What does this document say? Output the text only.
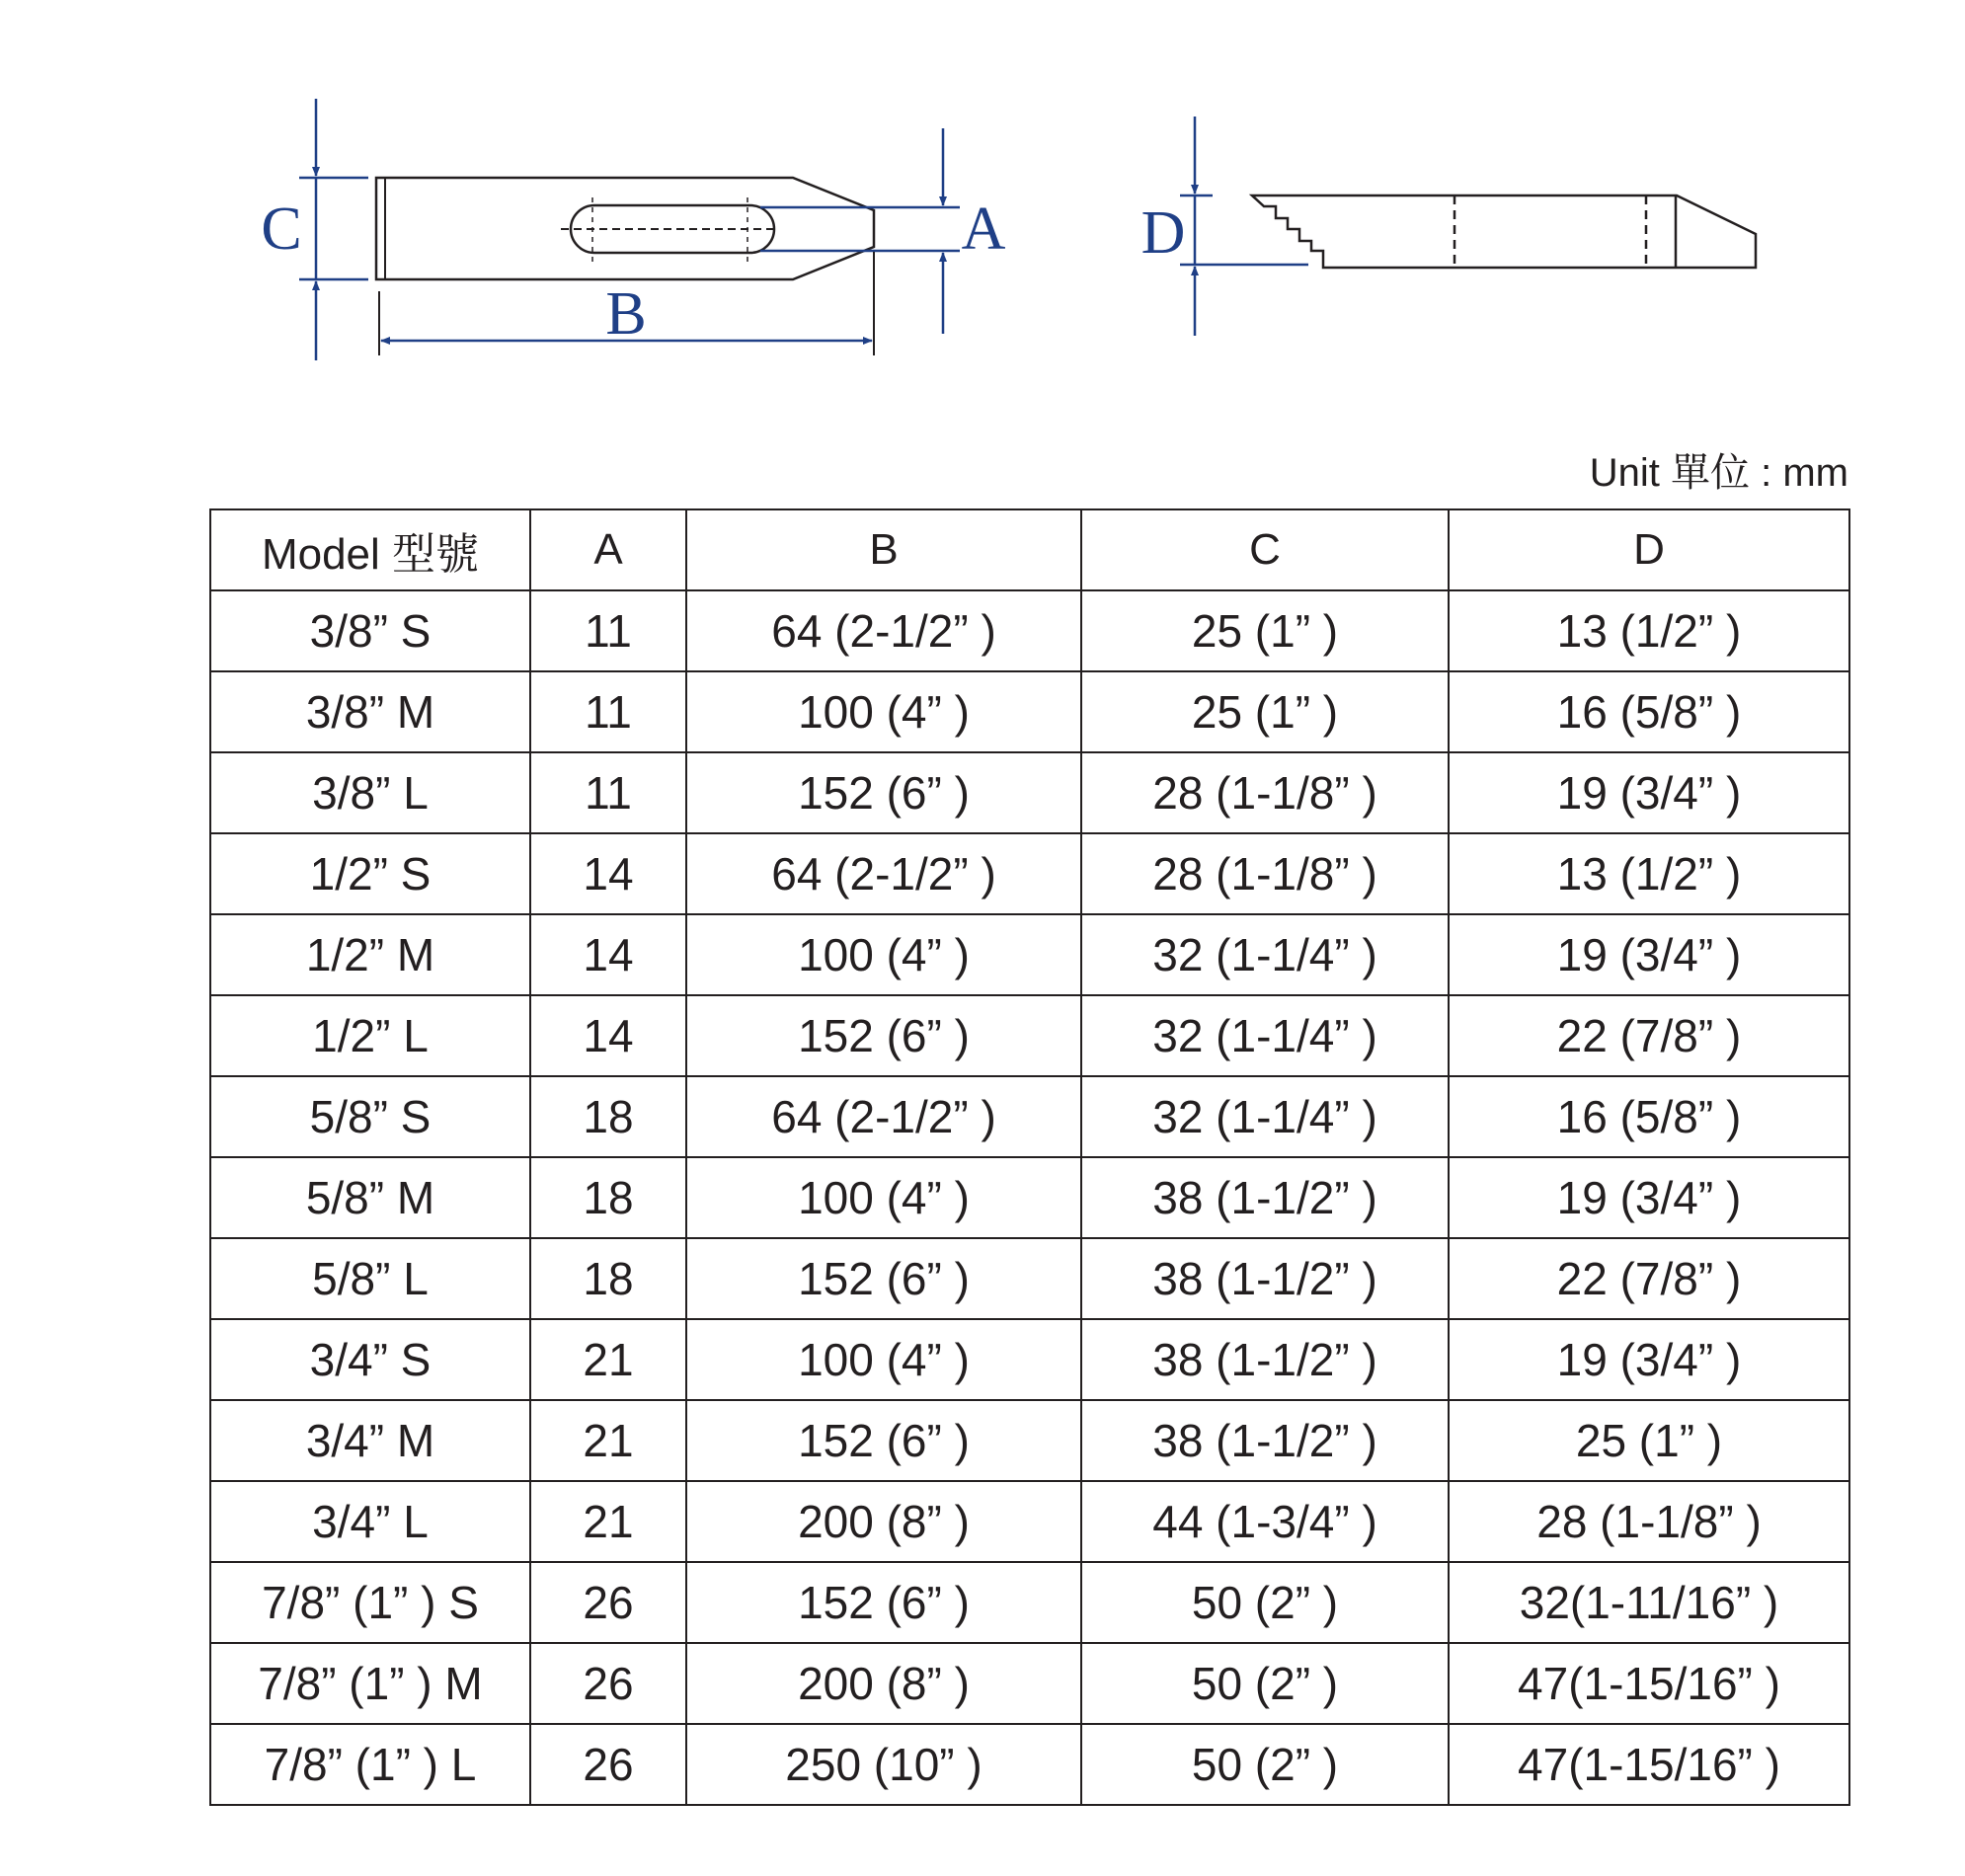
C	A
B
D
Unit 單位 : mm
Model 型號	A	B	C	D
3/8” S	11	64 (2-1/2” )	25 (1” )	13 (1/2” )
3/8” M	11	100 (4” )	25 (1” )	16 (5/8” )
3/8” L	11	152 (6” )	28 (1-1/8” )	19 (3/4” )
1/2” S	14	64 (2-1/2” )	28 (1-1/8” )	13 (1/2” )
1/2” M	14	100 (4” )	32 (1-1/4” )	19 (3/4” )
1/2” L	14	152 (6” )	32 (1-1/4” )	22 (7/8” )
5/8” S	18	64 (2-1/2” )	32 (1-1/4” )	16 (5/8” )
5/8” M	18	100 (4” )	38 (1-1/2” )	19 (3/4” )
5/8” L	18	152 (6” )	38 (1-1/2” )	22 (7/8” )
3/4” S	21	100 (4” )	38 (1-1/2” )	19 (3/4” )
3/4” M	21	152 (6” )	38 (1-1/2” )	25 (1” )
3/4” L	21	200 (8” )	44 (1-3/4” )	28 (1-1/8” )
7/8” (1” ) S	26	152 (6” )	50 (2” )	32(1-11/16” )
7/8” (1” ) M	26	200 (8” )	50 (2” )	47(1-15/16” )
7/8” (1” ) L	26	250 (10” )	50 (2” )	47(1-15/16” )
